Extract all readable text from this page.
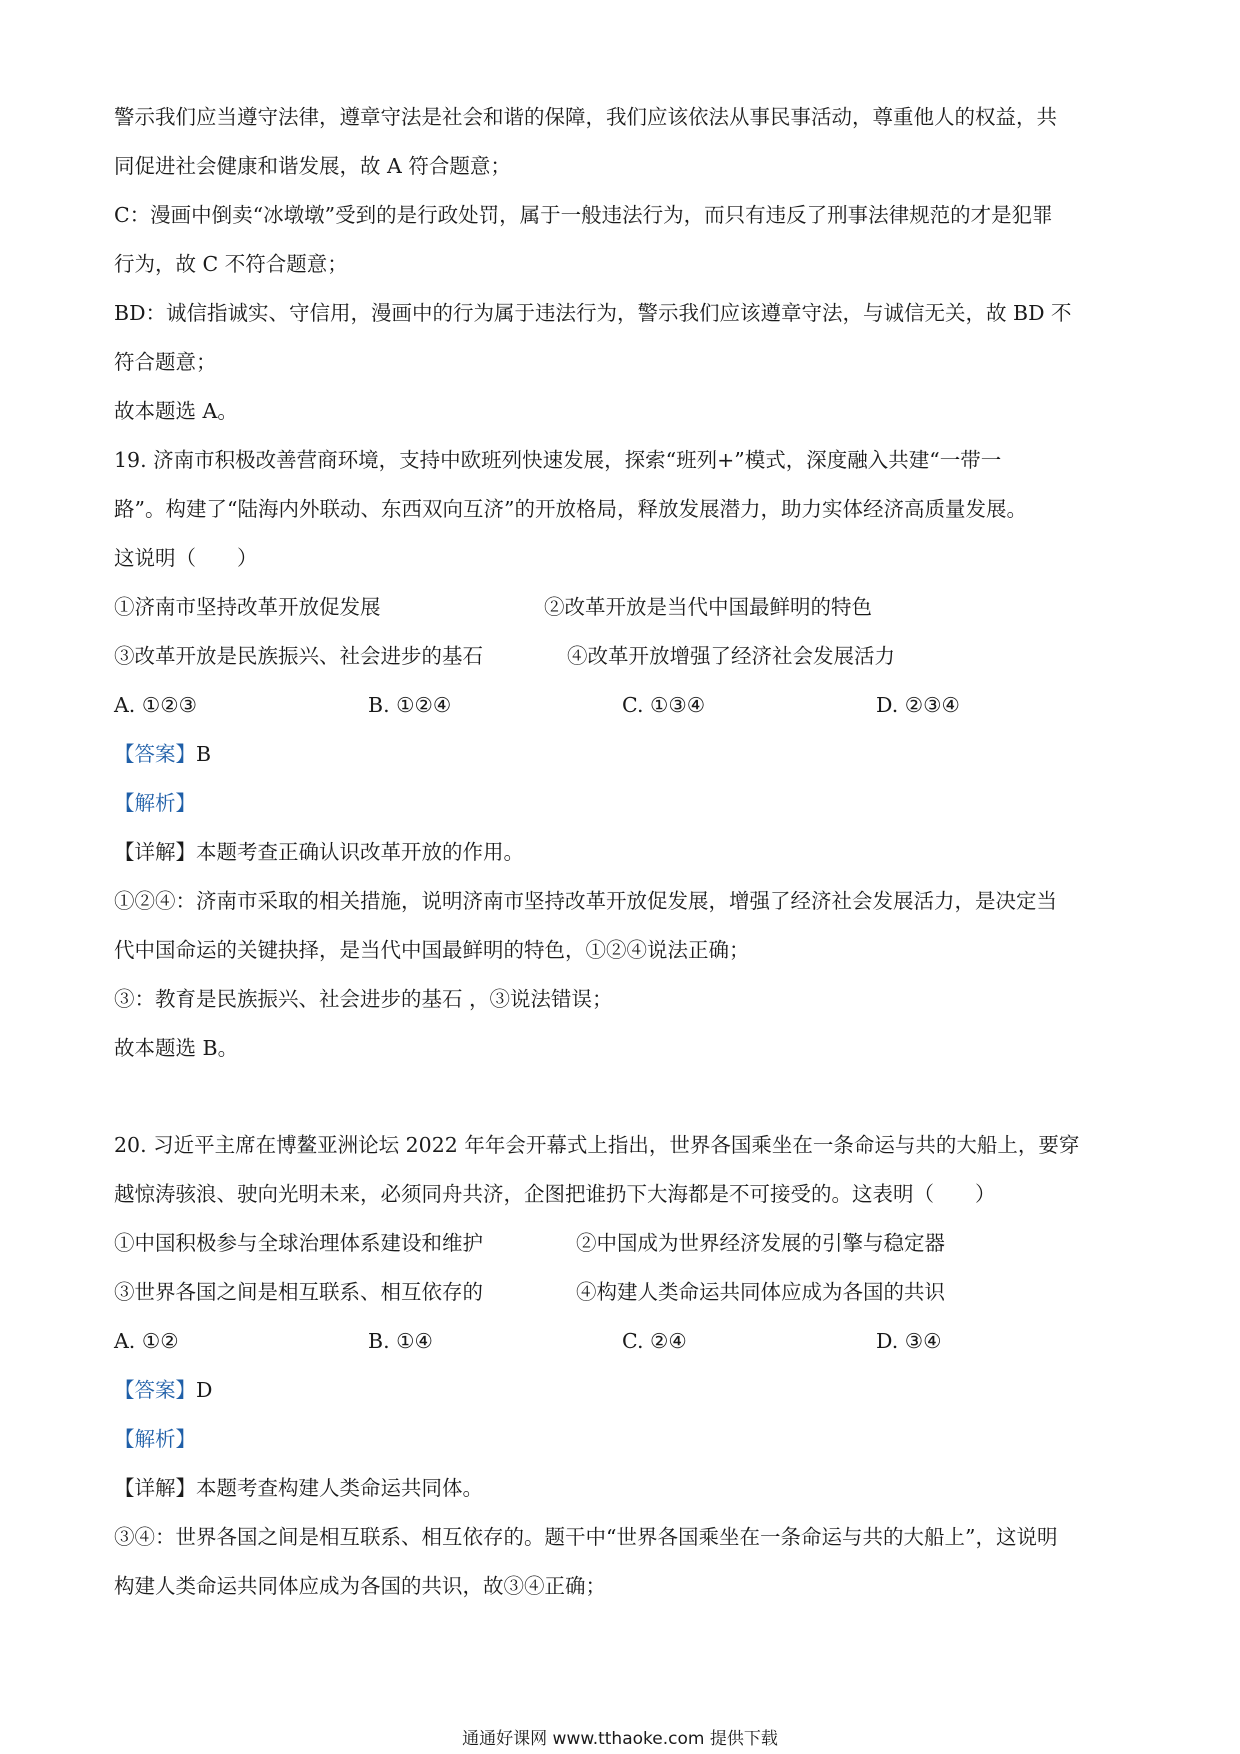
警示我们应当遵守法律，遵章守法是社会和谐的保障，我们应该依法从事民事活动，尊重他人的权益，共
同促进社会健康和谐发展，故 A 符合题意；
C：漫画中倒卖“冰墩墩”受到的是行政处罚，属于一般违法行为，而只有违反了刑事法律规范的才是犯罪
行为，故 C 不符合题意；
BD：诚信指诚实、守信用，漫画中的行为属于违法行为，警示我们应该遵章守法，与诚信无关，故 BD 不
符合题意；
故本题选 A。
19. 济南市积极改善营商环境，支持中欧班列快速发展，探索“班列+”模式，深度融入共建“一带一
路”。构建了“陆海内外联动、东西双向互济”的开放格局，释放发展潜力，助力实体经济高质量发展。
这说明（　　）
①济南市坚持改革开放促发展	②改革开放是当代中国最鲜明的特色
③改革开放是民族振兴、社会进步的基石	④改革开放增强了经济社会发展活力
A. ①②③	B. ①②④	C. ①③④	D. ②③④
【答案】B
【解析】
【详解】本题考查正确认识改革开放的作用。
①②④：济南市采取的相关措施，说明济南市坚持改革开放促发展，增强了经济社会发展活力，是决定当
代中国命运的关键抉择，是当代中国最鲜明的特色，①②④说法正确；
③：教育是民族振兴、社会进步的基石 ，③说法错误；
故本题选 B。
20. 习近平主席在博鳌亚洲论坛 2022 年年会开幕式上指出，世界各国乘坐在一条命运与共的大船上，要穿
越惊涛骇浪、驶向光明未来，必须同舟共济，企图把谁扔下大海都是不可接受的。这表明（　　）
①中国积极参与全球治理体系建设和维护	②中国成为世界经济发展的引擎与稳定器
③世界各国之间是相互联系、相互依存的	④构建人类命运共同体应成为各国的共识
A. ①②	B. ①④	C. ②④	D. ③④
【答案】D
【解析】
【详解】本题考查构建人类命运共同体。
③④：世界各国之间是相互联系、相互依存的。题干中“世界各国乘坐在一条命运与共的大船上”，这说明
构建人类命运共同体应成为各国的共识，故③④正确；
通通好课网 www.tthaoke.com 提供下载
